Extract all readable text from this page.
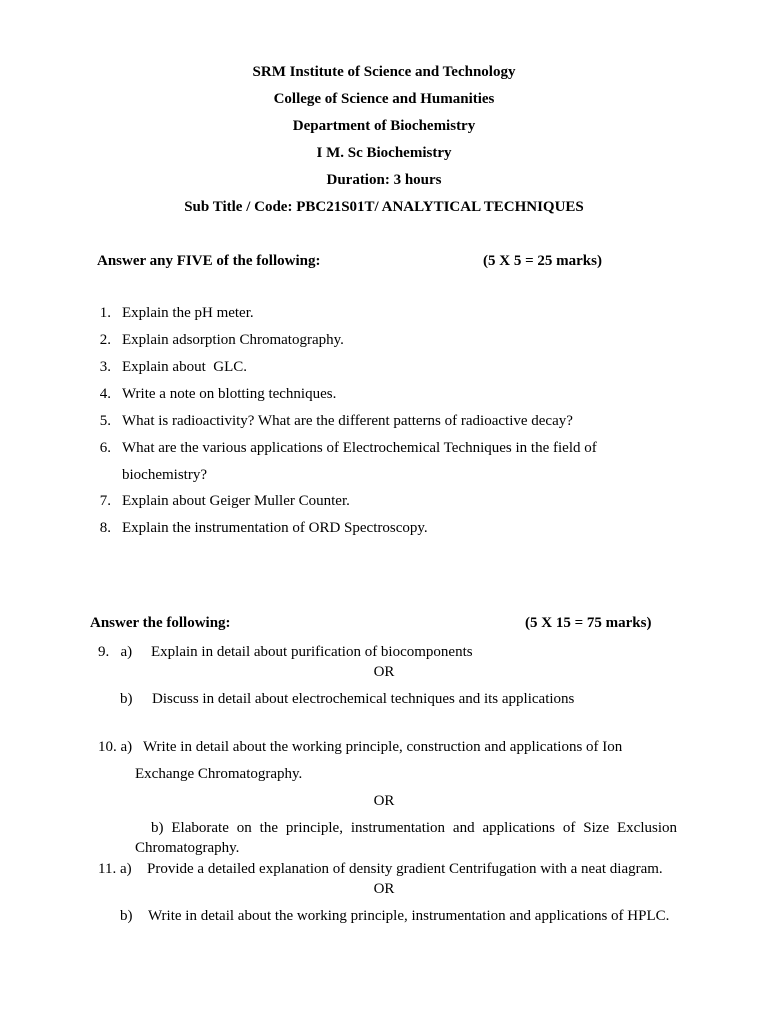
SRM Institute of Science and Technology
College of Science and Humanities
Department of Biochemistry
I M. Sc Biochemistry
Duration: 3 hours
Sub Title / Code: PBC21S01T/ ANALYTICAL TECHNIQUES
Answer any FIVE of the following:	(5 X 5 = 25 marks)
1. Explain the pH meter.
2. Explain adsorption Chromatography.
3. Explain about  GLC.
4. Write a note on blotting techniques.
5. What is radioactivity? What are the different patterns of radioactive decay?
6. What are the various applications of Electrochemical Techniques in the field of
biochemistry?
7. Explain about Geiger Muller Counter.
8. Explain the instrumentation of ORD Spectroscopy.
Answer the following:	(5 X 15 = 75 marks)
9.   a) Explain in detail about purification of biocomponents
OR
b) Discuss in detail about electrochemical techniques and its applications
10. a) Write in detail about the working principle, construction and applications of Ion
Exchange Chromatography.
OR
b) Elaborate on the principle, instrumentation and applications of Size Exclusion
Chromatography.
11. a) Provide a detailed explanation of density gradient Centrifugation with a neat diagram.
OR
b) Write in detail about the working principle, instrumentation and applications of HPLC.
